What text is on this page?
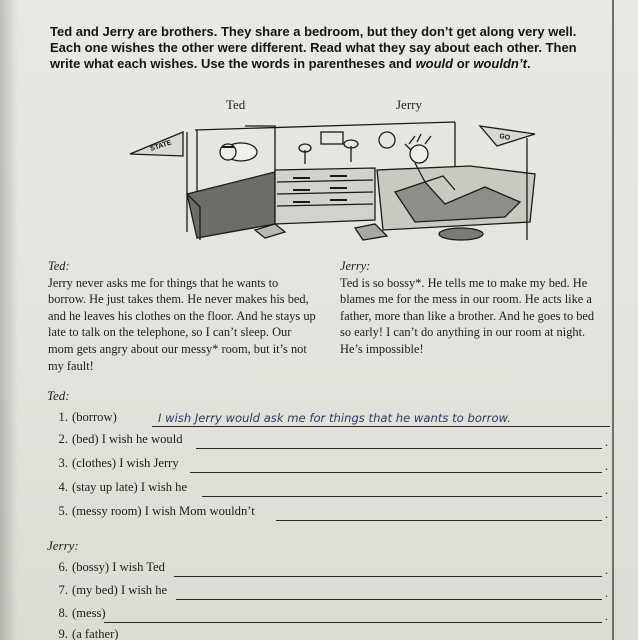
Ted and Jerry are brothers. They share a bedroom, but they don’t get along very well. Each one wishes the other were different. Read what they say about each other. Then write what each wishes. Use the words in parentheses and would or wouldn’t.
Ted	Jerry
STATE
GO
Ted:
Jerry never asks me for things that he wants to borrow. He just takes them. He never makes his bed, and he leaves his clothes on the floor. And he stays up late to talk on the telephone, so I can’t sleep. Our mom gets angry about our messy* room, but it’s not my fault!
Jerry:
Ted is so bossy*. He tells me to make my bed. He blames me for the mess in our room. He acts like a father, more than like a brother. And he goes to bed so early! I can’t do anything in our room at night. He’s impossible!
Ted:
1. (borrow)	I wish Jerry would ask me for things that he wants to borrow.
2. (bed) I wish he would	.
3. (clothes) I wish Jerry	.
4. (stay up late) I wish he	.
5. (messy room) I wish Mom wouldn’t	.
Jerry:
6. (bossy) I wish Ted	.
7. (my bed) I wish he	.
8. (mess)	.
9. (a father)
